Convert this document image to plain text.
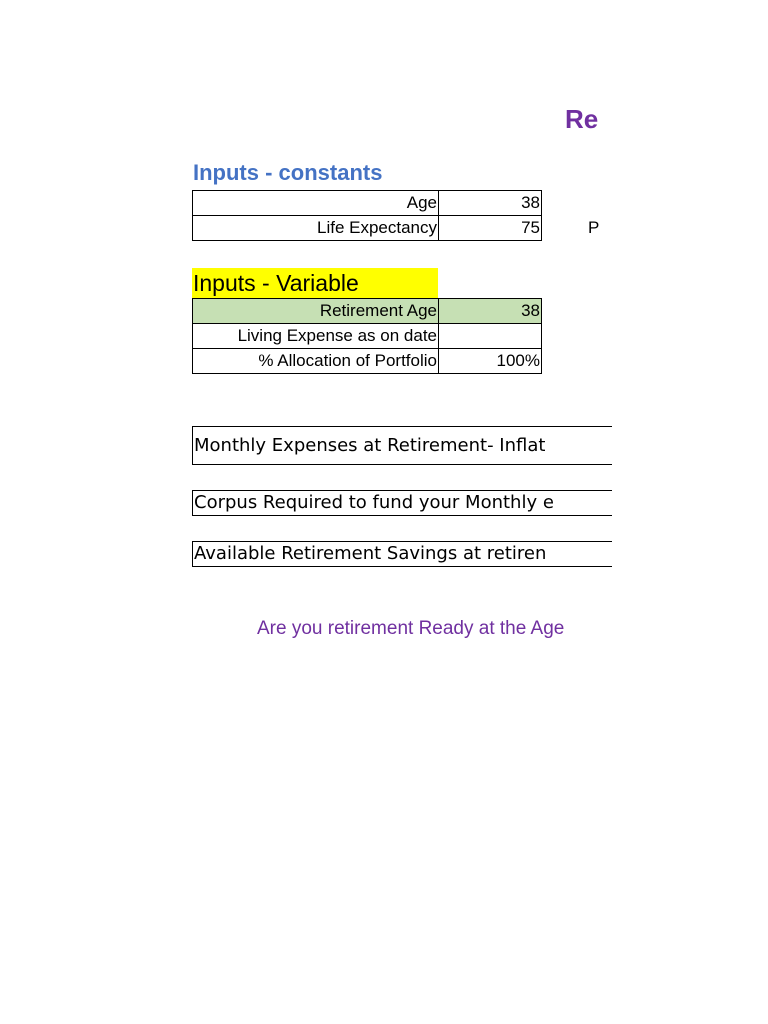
Re
Inputs - constants
Age	38
Life Expectancy	75	P
Inputs - Variable
Retirement Age	38
Living Expense as on date	
% Allocation of Portfolio	100%
Monthly Expenses at Retirement- Inflat
Corpus Required to fund your Monthly e
Available Retirement Savings at retiren
Are you retirement Ready at the Age
